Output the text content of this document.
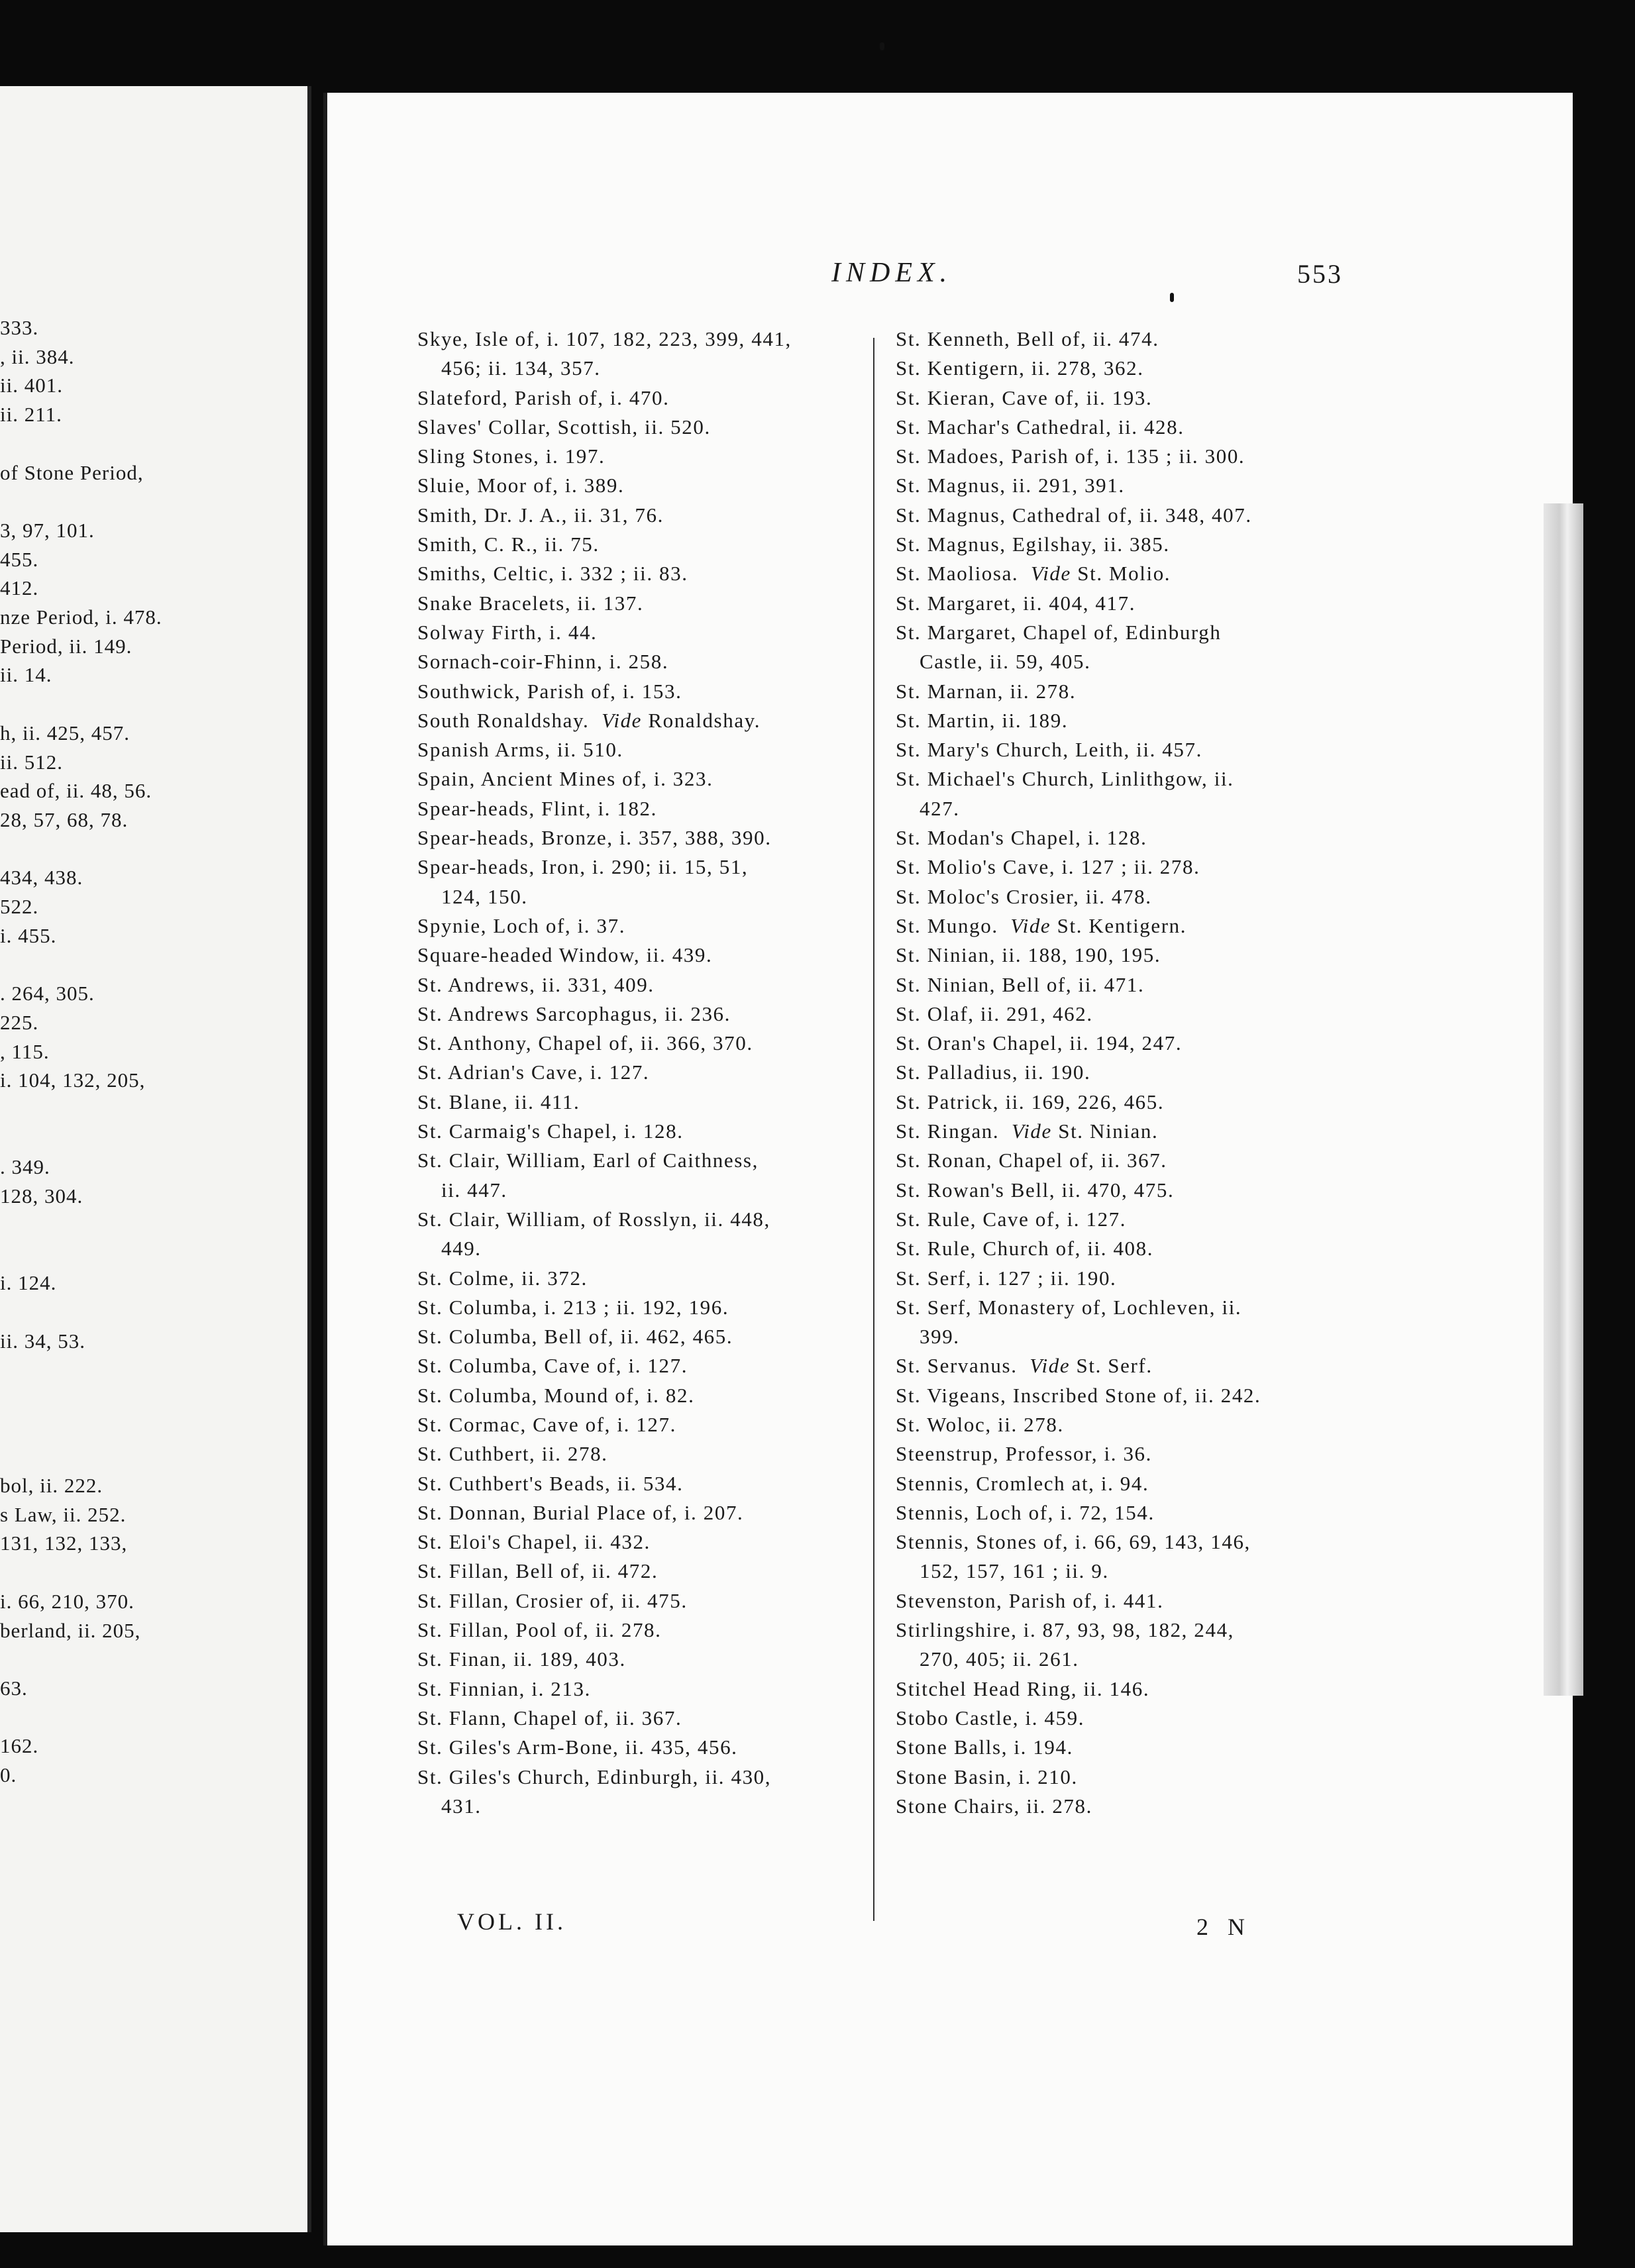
333.
, ii. 384.
ii. 401.
ii. 211.
of Stone Period,
3, 97, 101.
455.
412.
nze Period, i. 478.
Period, ii. 149.
ii. 14.
h, ii. 425, 457.
ii. 512.
ead of, ii. 48, 56.
28, 57, 68, 78.
434, 438.
522.
i. 455.
. 264, 305.
225.
, 115.
i. 104, 132, 205,
. 349.
128, 304.
i. 124.
ii. 34, 53.
bol, ii. 222.
s Law, ii. 252.
131, 132, 133,
i. 66, 210, 370.
berland, ii. 205,
63.
162.
0.
INDEX.	553
Skye, Isle of, i. 107, 182, 223, 399, 441,
456; ii. 134, 357.
Slateford, Parish of, i. 470.
Slaves' Collar, Scottish, ii. 520.
Sling Stones, i. 197.
Sluie, Moor of, i. 389.
Smith, Dr. J. A., ii. 31, 76.
Smith, C. R., ii. 75.
Smiths, Celtic, i. 332 ; ii. 83.
Snake Bracelets, ii. 137.
Solway Firth, i. 44.
Sornach-coir-Fhinn, i. 258.
Southwick, Parish of, i. 153.
South Ronaldshay. Vide Ronaldshay.
Spanish Arms, ii. 510.
Spain, Ancient Mines of, i. 323.
Spear-heads, Flint, i. 182.
Spear-heads, Bronze, i. 357, 388, 390.
Spear-heads, Iron, i. 290; ii. 15, 51,
124, 150.
Spynie, Loch of, i. 37.
Square-headed Window, ii. 439.
St. Andrews, ii. 331, 409.
St. Andrews Sarcophagus, ii. 236.
St. Anthony, Chapel of, ii. 366, 370.
St. Adrian's Cave, i. 127.
St. Blane, ii. 411.
St. Carmaig's Chapel, i. 128.
St. Clair, William, Earl of Caithness,
ii. 447.
St. Clair, William, of Rosslyn, ii. 448,
449.
St. Colme, ii. 372.
St. Columba, i. 213 ; ii. 192, 196.
St. Columba, Bell of, ii. 462, 465.
St. Columba, Cave of, i. 127.
St. Columba, Mound of, i. 82.
St. Cormac, Cave of, i. 127.
St. Cuthbert, ii. 278.
St. Cuthbert's Beads, ii. 534.
St. Donnan, Burial Place of, i. 207.
St. Eloi's Chapel, ii. 432.
St. Fillan, Bell of, ii. 472.
St. Fillan, Crosier of, ii. 475.
St. Fillan, Pool of, ii. 278.
St. Finan, ii. 189, 403.
St. Finnian, i. 213.
St. Flann, Chapel of, ii. 367.
St. Giles's Arm-Bone, ii. 435, 456.
St. Giles's Church, Edinburgh, ii. 430,
431.
St. Kenneth, Bell of, ii. 474.
St. Kentigern, ii. 278, 362.
St. Kieran, Cave of, ii. 193.
St. Machar's Cathedral, ii. 428.
St. Madoes, Parish of, i. 135 ; ii. 300.
St. Magnus, ii. 291, 391.
St. Magnus, Cathedral of, ii. 348, 407.
St. Magnus, Egilshay, ii. 385.
St. Maoliosa. Vide St. Molio.
St. Margaret, ii. 404, 417.
St. Margaret, Chapel of, Edinburgh
Castle, ii. 59, 405.
St. Marnan, ii. 278.
St. Martin, ii. 189.
St. Mary's Church, Leith, ii. 457.
St. Michael's Church, Linlithgow, ii.
427.
St. Modan's Chapel, i. 128.
St. Molio's Cave, i. 127 ; ii. 278.
St. Moloc's Crosier, ii. 478.
St. Mungo. Vide St. Kentigern.
St. Ninian, ii. 188, 190, 195.
St. Ninian, Bell of, ii. 471.
St. Olaf, ii. 291, 462.
St. Oran's Chapel, ii. 194, 247.
St. Palladius, ii. 190.
St. Patrick, ii. 169, 226, 465.
St. Ringan. Vide St. Ninian.
St. Ronan, Chapel of, ii. 367.
St. Rowan's Bell, ii. 470, 475.
St. Rule, Cave of, i. 127.
St. Rule, Church of, ii. 408.
St. Serf, i. 127 ; ii. 190.
St. Serf, Monastery of, Lochleven, ii.
399.
St. Servanus. Vide St. Serf.
St. Vigeans, Inscribed Stone of, ii. 242.
St. Woloc, ii. 278.
Steenstrup, Professor, i. 36.
Stennis, Cromlech at, i. 94.
Stennis, Loch of, i. 72, 154.
Stennis, Stones of, i. 66, 69, 143, 146,
152, 157, 161 ; ii. 9.
Stevenston, Parish of, i. 441.
Stirlingshire, i. 87, 93, 98, 182, 244,
270, 405; ii. 261.
Stitchel Head Ring, ii. 146.
Stobo Castle, i. 459.
Stone Balls, i. 194.
Stone Basin, i. 210.
Stone Chairs, ii. 278.
VOL. II.	2 N
